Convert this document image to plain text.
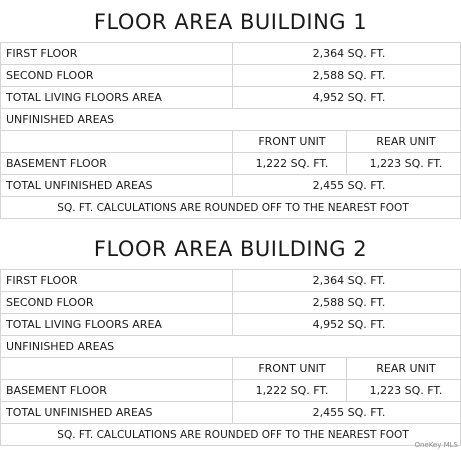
FLOOR AREA BUILDING 1
FIRST FLOOR	2,364 SQ. FT.	
SECOND FLOOR	2,588 SQ. FT.	
TOTAL LIVING FLOORS AREA	4,952 SQ. FT.	
UNFINISHED AREAS		
	FRONT UNIT	REAR UNIT
BASEMENT FLOOR	1,222 SQ. FT.	1,223 SQ. FT.
TOTAL UNFINISHED AREAS	2,455 SQ. FT.	
SQ. FT. CALCULATIONS ARE ROUNDED OFF TO THE NEAREST FOOT		
FLOOR AREA BUILDING 2
FIRST FLOOR	2,364 SQ. FT.	
SECOND FLOOR	2,588 SQ. FT.	
TOTAL LIVING FLOORS AREA	4,952 SQ. FT.	
UNFINISHED AREAS		
	FRONT UNIT	REAR UNIT
BASEMENT FLOOR	1,222 SQ. FT.	1,223 SQ. FT.
TOTAL UNFINISHED AREAS	2,455 SQ. FT.	
SQ. FT. CALCULATIONS ARE ROUNDED OFF TO THE NEAREST FOOT		
OneKey MLS
